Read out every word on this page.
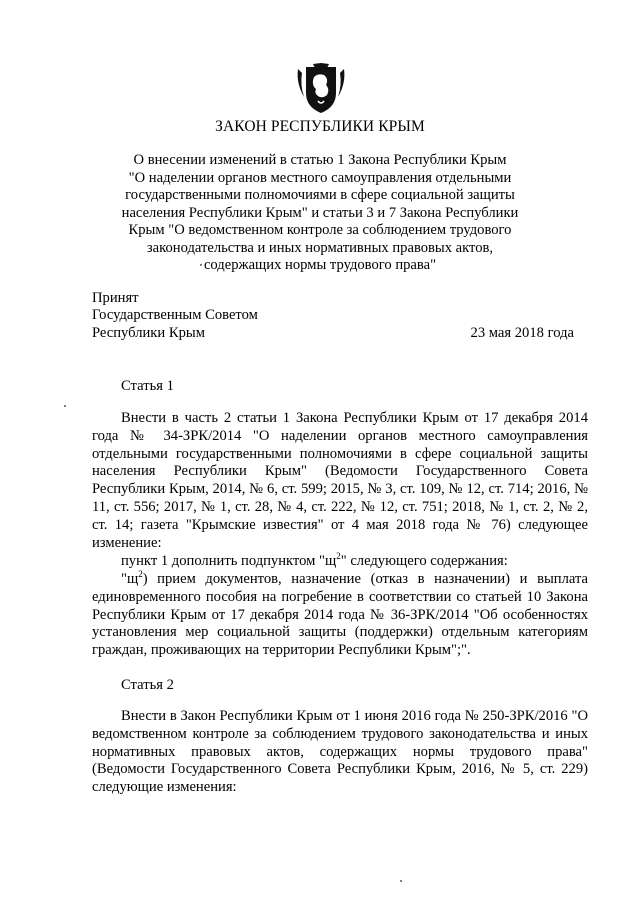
ЗАКОН РЕСПУБЛИКИ КРЫМ
О внесении изменений в статью 1 Закона Республики Крым
"О наделении органов местного самоуправления отдельными
государственными полномочиями в сфере социальной защиты
населения Республики Крым" и статьи 3 и 7 Закона Республики
Крым "О ведомственном контроле за соблюдением трудового
законодательства и иных нормативных правовых актов,
содержащих нормы трудового права"
Принят
Государственным Советом
Республики Крым	23 мая 2018 года
Статья 1

Внести в часть 2 статьи 1 Закона Республики Крым от 17 декабря 2014 года № 34-ЗРК/2014 "О наделении органов местного самоуправления отдельными государственными полномочиями в сфере социальной защиты населения Республики Крым" (Ведомости Государственного Совета Республики Крым, 2014, № 6, ст. 599; 2015, № 3, ст. 109, № 12, ст. 714; 2016, № 11, ст. 556; 2017, № 1, ст. 28, № 4, ст. 222, № 12, ст. 751; 2018, № 1, ст. 2, № 2, ст. 14; газета "Крымские известия" от 4 мая 2018 года № 76) следующее изменение:

пункт 1 дополнить подпунктом "$щ^2$" следующего содержания:

"$щ^2$) прием документов, назначение (отказ в назначении) и выплата единовременного пособия на погребение в соответствии со статьей 10 Закона Республики Крым от 17 декабря 2014 года № 36-ЗРК/2014 "Об особенностях установления мер социальной защиты (поддержки) отдельным категориям граждан, проживающих на территории Республики Крым";".

Статья 2

Внести в Закон Республики Крым от 1 июня 2016 года № 250-ЗРК/2016 "О ведомственном контроле за соблюдением трудового законодательства и иных нормативных правовых актов, содержащих нормы трудового права" (Ведомости Государственного Совета Республики Крым, 2016, № 5, ст. 229) следующие изменения:
